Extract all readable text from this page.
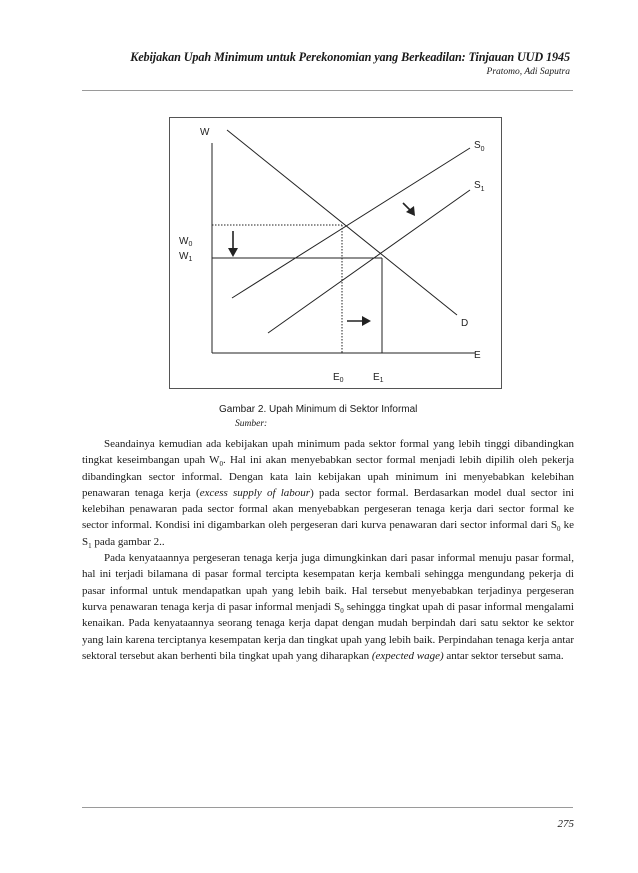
Kebijakan Upah Minimum untuk Perekonomian yang Berkeadilan: Tinjauan UUD 1945
Pratomo, Adi Saputra
W
E
$S_0$
$S_1$
D
$W_0$
$W_1$
$E_0$	$E_1$
Gambar 2. Upah Minimum di Sektor Informal
Sumber:

Seandainya kemudian ada kebijakan upah minimum pada sektor formal yang lebih tinggi dibandingkan tingkat keseimbangan upah $W_0$. Hal ini akan menyebabkan sector formal menjadi lebih dipilih oleh pekerja dibandingkan sector informal. Dengan kata lain kebijakan upah minimum ini menyebabkan kelebihan penawaran tenaga kerja (excess supply of labour) pada sector formal. Berdasarkan model dual sector ini kelebihan penawaran pada sector formal akan menyebabkan pergeseran tenaga kerja dari sector formal ke sector informal. Kondisi ini digambarkan oleh pergeseran dari kurva penawaran dari sector informal dari $S_0$ ke $S_1$ pada gambar 2..

Pada kenyataannya pergeseran tenaga kerja juga dimungkinkan dari pasar informal menuju pasar formal, hal ini terjadi bilamana di pasar formal tercipta kesempatan kerja kembali sehingga mengundang pekerja di pasar informal untuk mendapatkan upah yang lebih baik. Hal tersebut menyebabkan terjadinya pergeseran kurva penawaran tenaga kerja di pasar informal menjadi $S_0$ sehingga tingkat upah di pasar informal mengalami kenaikan. Pada kenyataannya seorang tenaga kerja dapat dengan mudah berpindah dari satu sektor ke sektor yang lain karena terciptanya kesempatan kerja dan tingkat upah yang lebih baik. Perpindahan tenaga kerja antar sektoral tersebut akan berhenti bila tingkat upah yang diharapkan (expected wage) antar sektor tersebut sama.

275
